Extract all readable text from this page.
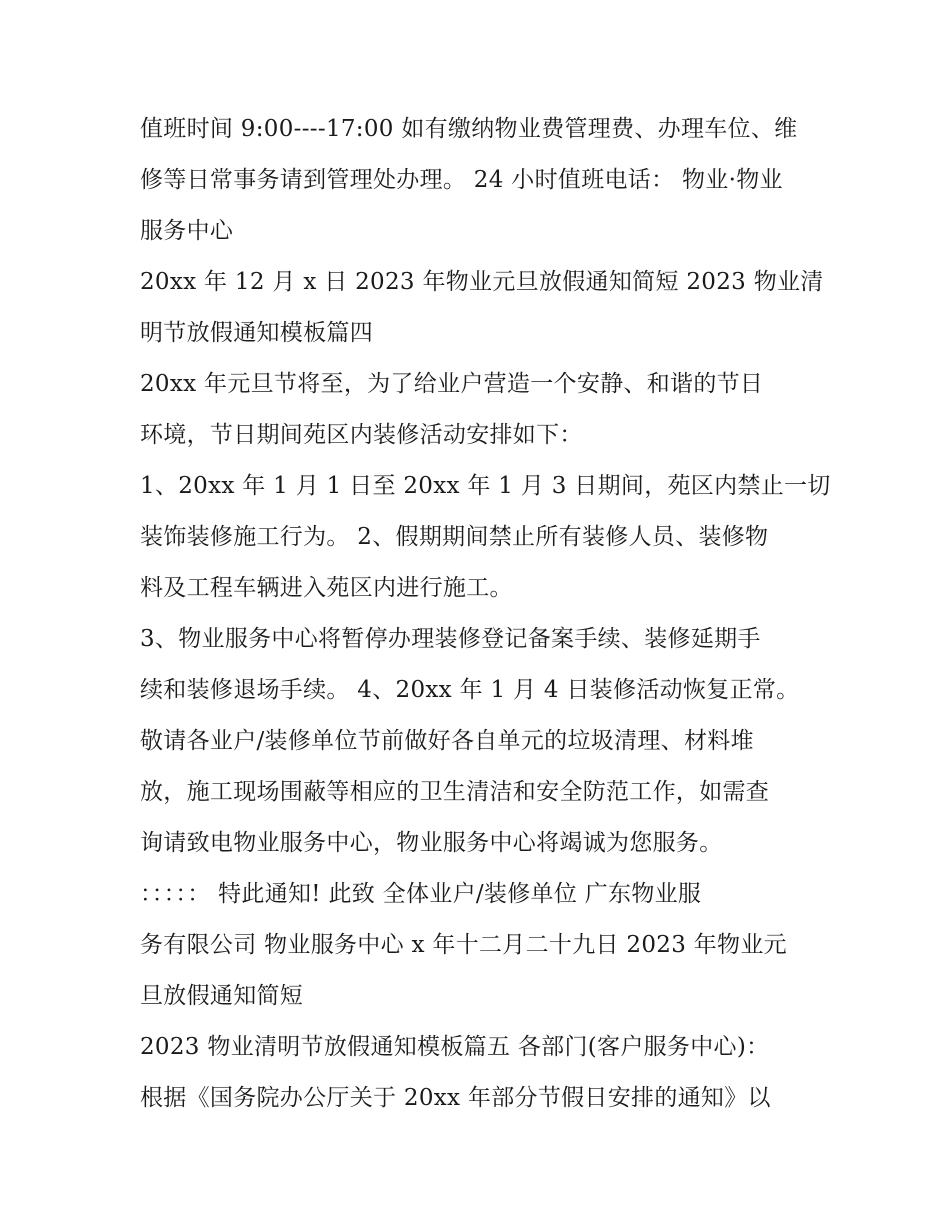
值班时间 9:00----17:00 如有缴纳物业费管理费、办理车位、维
修等日常事务请到管理处办理。 24 小时值班电话： 物业·物业
服务中心
20xx 年 12 月 x 日 2023 年物业元旦放假通知简短 2023 物业清
明节放假通知模板篇四
20xx 年元旦节将至，为了给业户营造一个安静、和谐的节日
环境，节日期间苑区内装修活动安排如下：
1、20xx 年 1 月 1 日至 20xx 年 1 月 3 日期间，苑区内禁止一切
装饰装修施工行为。 2、假期期间禁止所有装修人员、装修物
料及工程车辆进入苑区内进行施工。
3、物业服务中心将暂停办理装修登记备案手续、装修延期手
续和装修退场手续。 4、20xx 年 1 月 4 日装修活动恢复正常。
敬请各业户/装修单位节前做好各自单元的垃圾清理、材料堆
放，施工现场围蔽等相应的卫生清洁和安全防范工作，如需查
询请致电物业服务中心，物业服务中心将竭诚为您服务。
：：：：： 特此通知! 此致 全体业户/装修单位 广东物业服
务有限公司 物业服务中心 x 年十二月二十九日 2023 年物业元
旦放假通知简短
2023 物业清明节放假通知模板篇五 各部门(客户服务中心)：
根据《国务院办公厅关于 20xx 年部分节假日安排的通知》以
